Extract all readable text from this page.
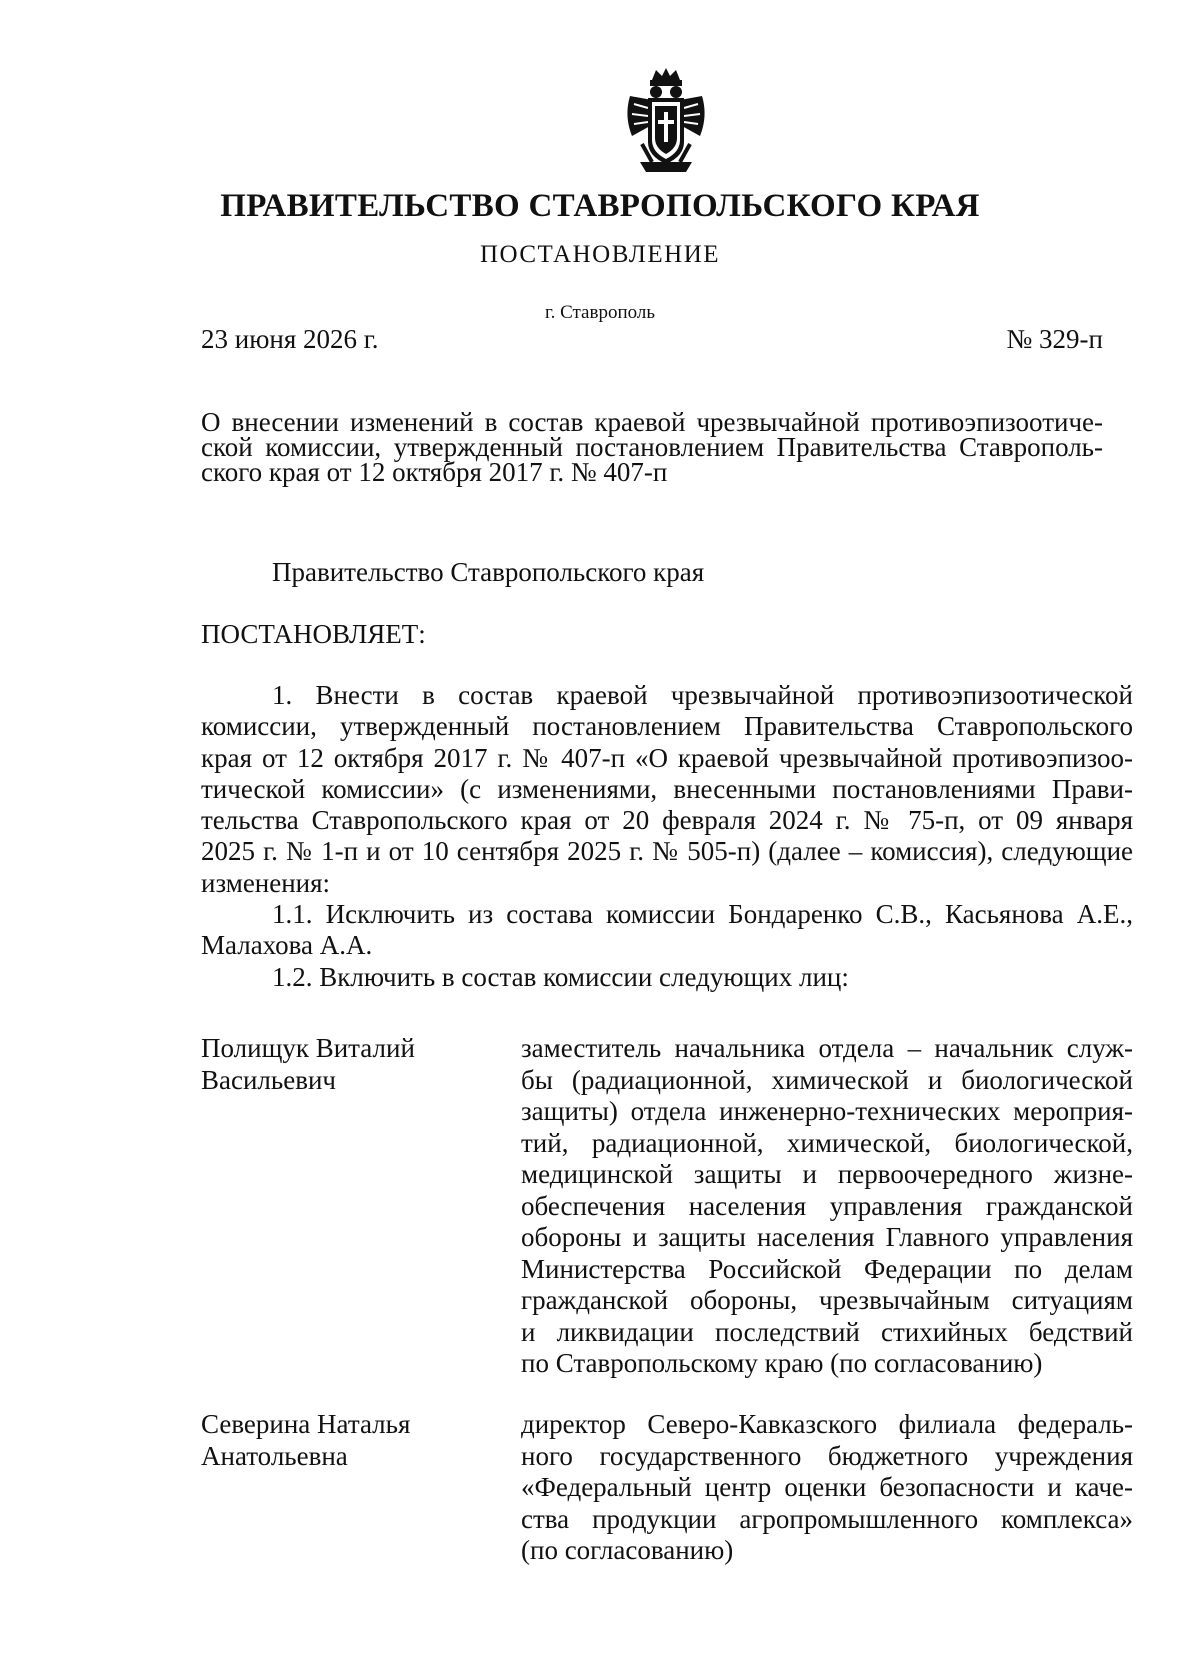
ПРАВИТЕЛЬСТВО СТАВРОПОЛЬСКОГО КРАЯ
ПОСТАНОВЛЕНИЕ
г. Ставрополь
23 июня 2026 г.	№ 329-п
О внесении изменений в состав краевой чрезвычайной противоэпизоотиче-
ской комиссии, утвержденный постановлением Правительства Ставрополь-
ского края от 12 октября 2017 г. № 407-п
Правительство Ставропольского края
ПОСТАНОВЛЯЕТ:
1. Внести в состав краевой чрезвычайной противоэпизоотической
комиссии, утвержденный постановлением Правительства Ставропольского
края от 12 октября 2017 г. № 407-п «О краевой чрезвычайной противоэпизоо-
тической комиссии» (с изменениями, внесенными постановлениями Прави-
тельства Ставропольского края от 20 февраля 2024 г. № 75-п, от 09 января
2025 г. № 1-п и от 10 сентября 2025 г. № 505-п) (далее – комиссия), следующие
изменения:
1.1. Исключить из состава комиссии Бондаренко С.В., Касьянова А.Е.,
Малахова А.А.
1.2. Включить в состав комиссии следующих лиц:
Полищук Виталий
Васильевич
заместитель начальника отдела – начальник служ-
бы (радиационной, химической и биологической
защиты) отдела инженерно-технических мероприя-
тий, радиационной, химической, биологической,
медицинской защиты и первоочередного жизне-
обеспечения населения управления гражданской
обороны и защиты населения Главного управления
Министерства Российской Федерации по делам
гражданской обороны, чрезвычайным ситуациям
и ликвидации последствий стихийных бедствий
по Ставропольскому краю (по согласованию)
Северина Наталья
Анатольевна
директор Северо-Кавказского филиала федераль-
ного государственного бюджетного учреждения
«Федеральный центр оценки безопасности и каче-
ства продукции агропромышленного комплекса»
(по согласованию)
